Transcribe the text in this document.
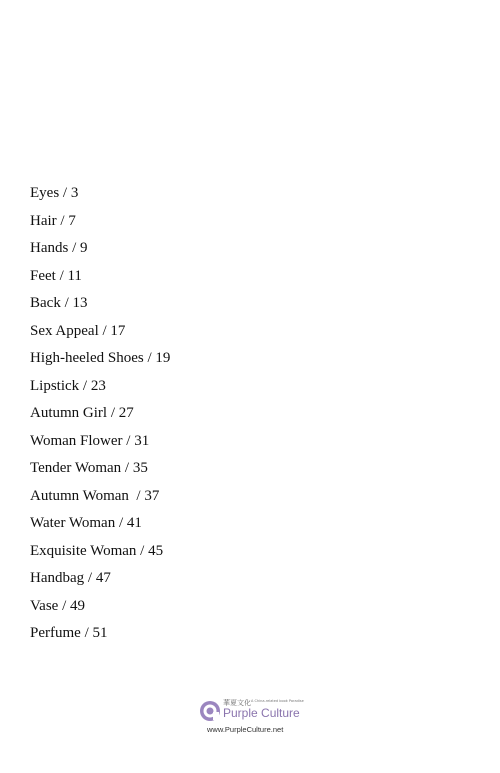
Eyes / 3
Hair / 7
Hands / 9
Feet / 11
Back / 13
Sex Appeal / 17
High-heeled Shoes / 19
Lipstick / 23
Autumn Girl / 27
Woman Flower / 31
Tender Woman / 35
Autumn Woman  / 37
Water Woman / 41
Exquisite Woman / 45
Handbag / 47
Vase / 49
Perfume / 51
華夏文化 A China-related book Paradise
Purple Culture
www.PurpleCulture.net
